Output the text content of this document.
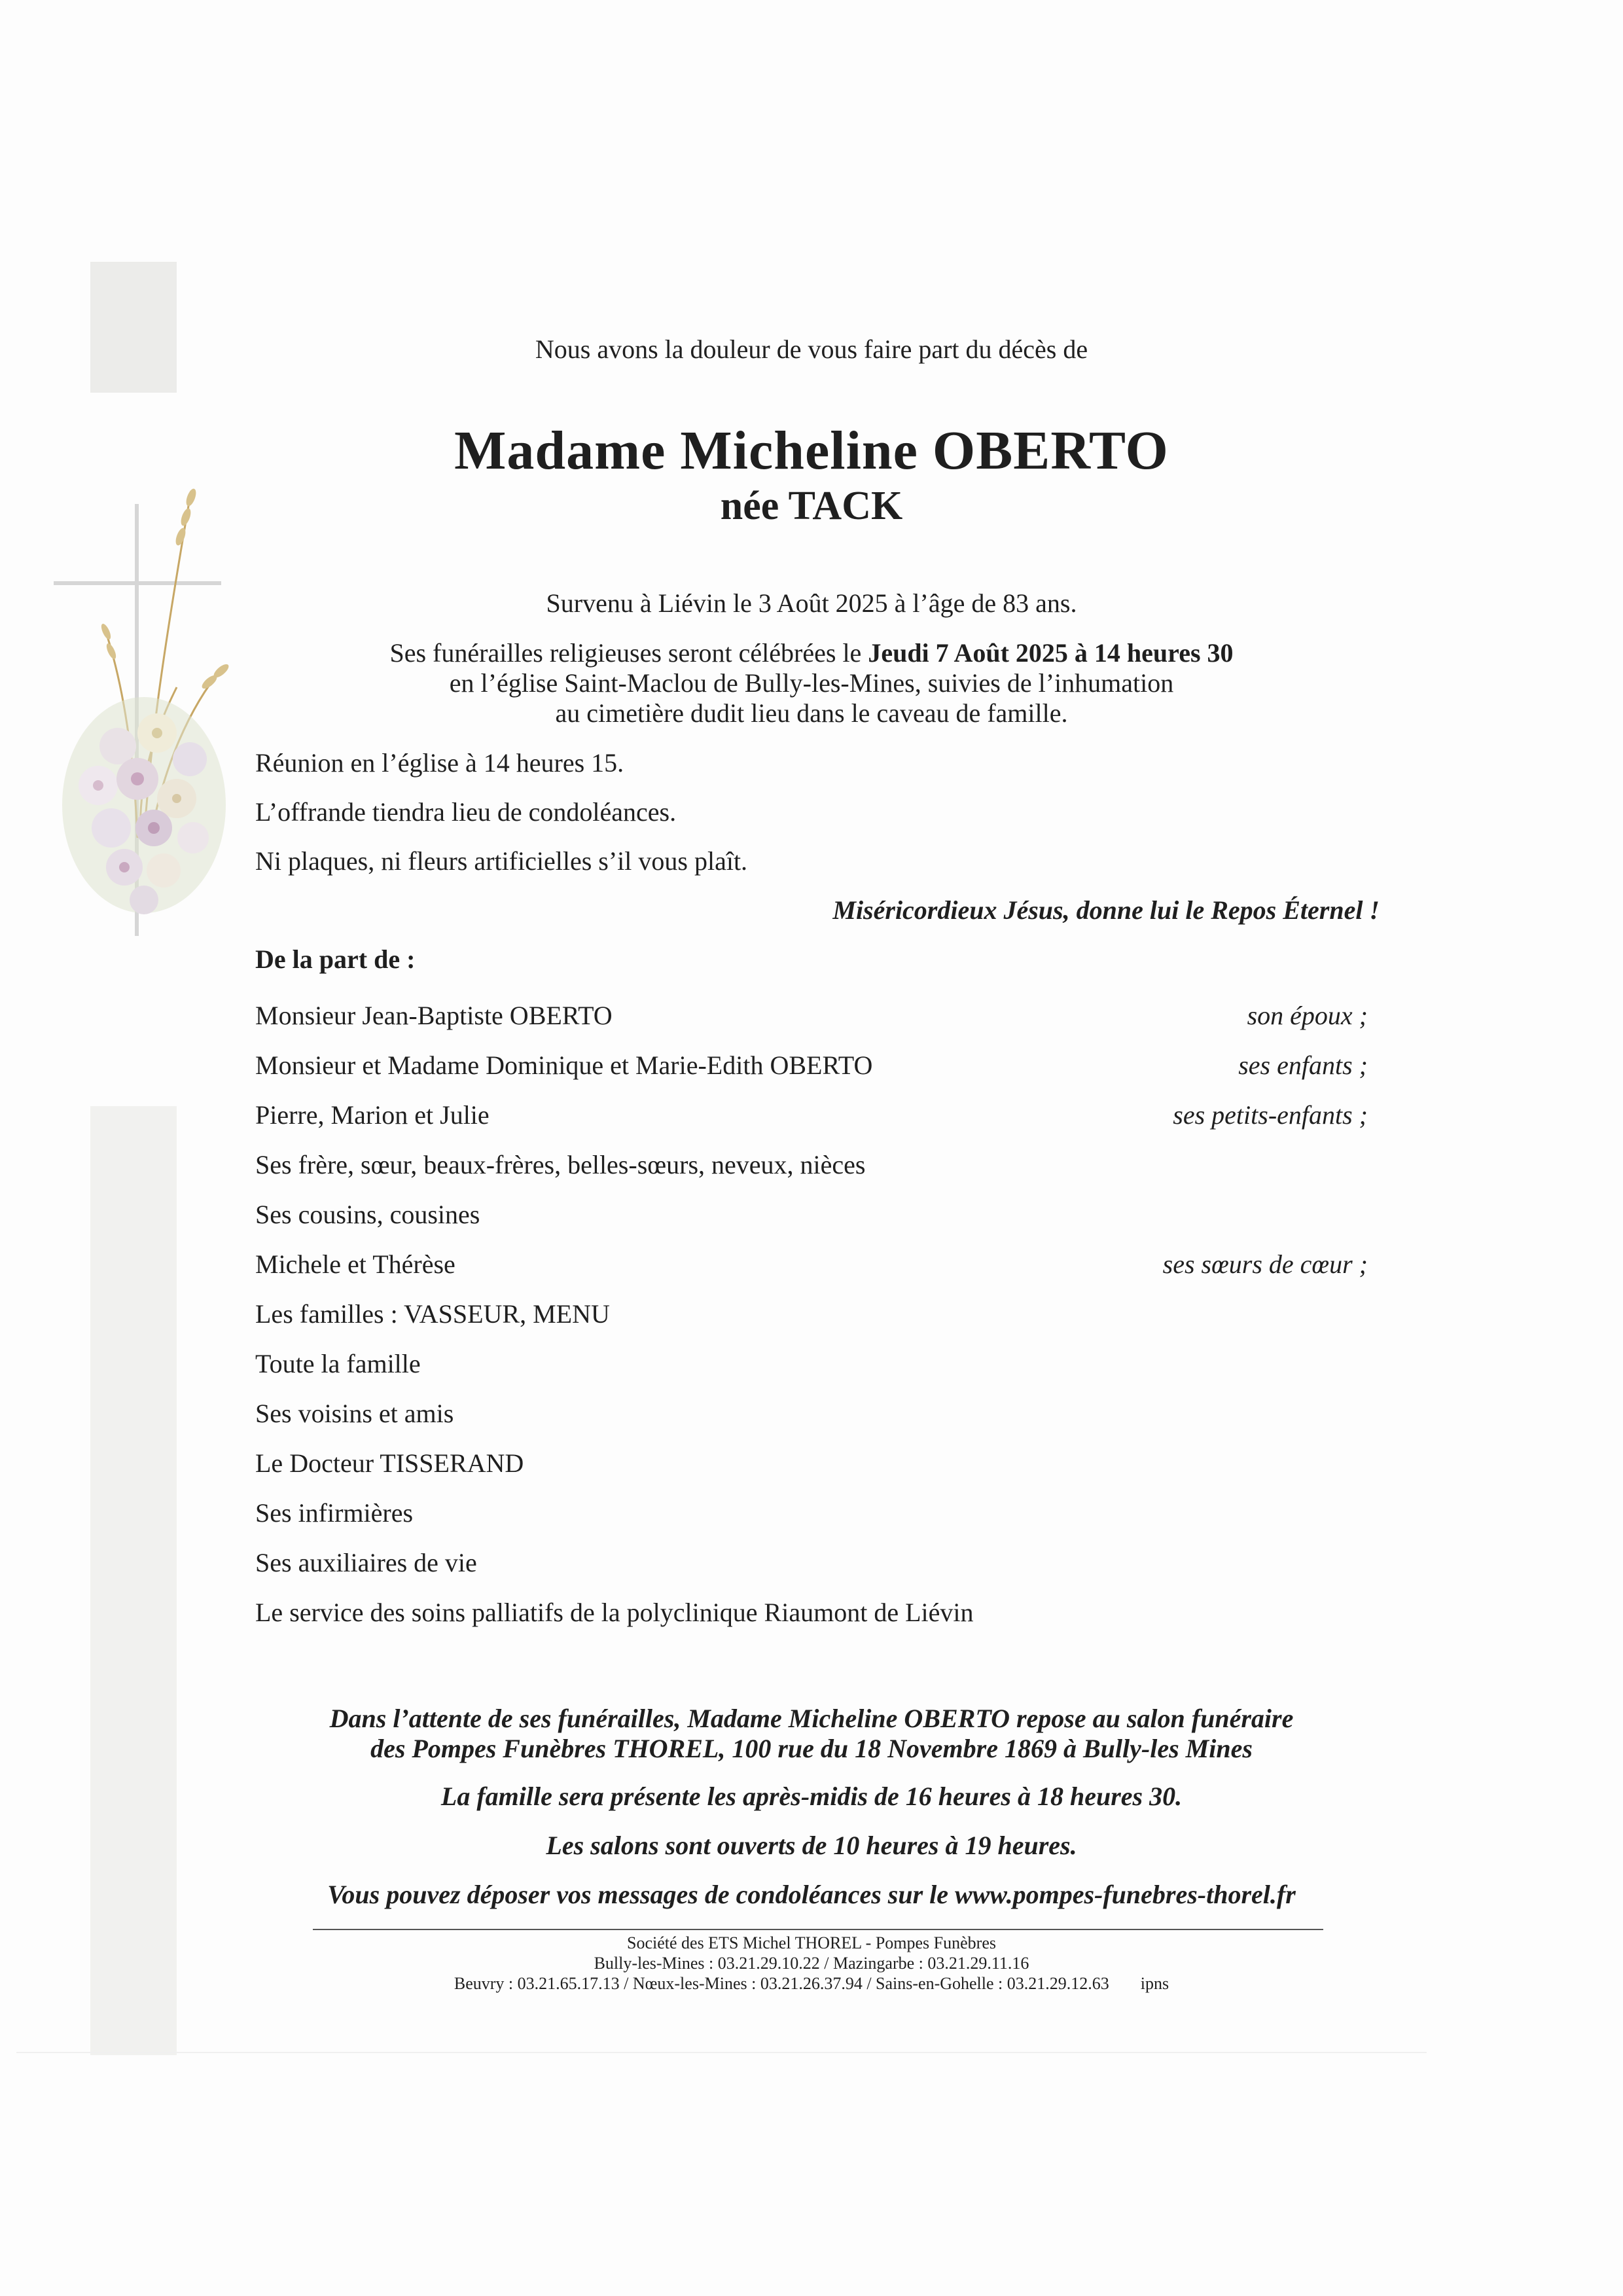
Nous avons la douleur de vous faire part du décès de
Madame Micheline OBERTO
née TACK
Survenu à Liévin le 3 Août 2025 à l’âge de 83 ans.
Ses funérailles religieuses seront célébrées le Jeudi 7 Août 2025 à 14 heures 30
en l’église Saint-Maclou de Bully-les-Mines, suivies de l’inhumation
au cimetière dudit lieu dans le caveau de famille.
Réunion en l’église à 14 heures 15.
L’offrande tiendra lieu de condoléances.
Ni plaques, ni fleurs artificielles s’il vous plaît.
Miséricordieux Jésus, donne lui le Repos Éternel !
De la part de :
Monsieur Jean-Baptiste OBERTO	son époux ;
Monsieur et Madame Dominique et Marie-Edith OBERTO	ses enfants ;
Pierre, Marion et Julie	ses petits-enfants ;
Ses frère, sœur, beaux-frères, belles-sœurs, neveux, nièces
Ses cousins, cousines
Michele et Thérèse	ses sœurs de cœur ;
Les familles : VASSEUR, MENU
Toute la famille
Ses voisins et amis
Le Docteur TISSERAND
Ses infirmières
Ses auxiliaires de vie
Le service des soins palliatifs de la polyclinique Riaumont de Liévin
Dans l’attente de ses funérailles, Madame Micheline OBERTO repose au salon funéraire
des Pompes Funèbres THOREL, 100 rue du 18 Novembre 1869 à Bully-les Mines
La famille sera présente les après-midis de 16 heures à 18 heures 30.
Les salons sont ouverts de 10 heures à 19 heures.
Vous pouvez déposer vos messages de condoléances sur le www.pompes-funebres-thorel.fr
Société des ETS Michel THOREL - Pompes Funèbres
Bully-les-Mines : 03.21.29.10.22 / Mazingarbe : 03.21.29.11.16
Beuvry : 03.21.65.17.13 / Nœux-les-Mines : 03.21.26.37.94 / Sains-en-Gohelle : 03.21.29.12.63 ipns
